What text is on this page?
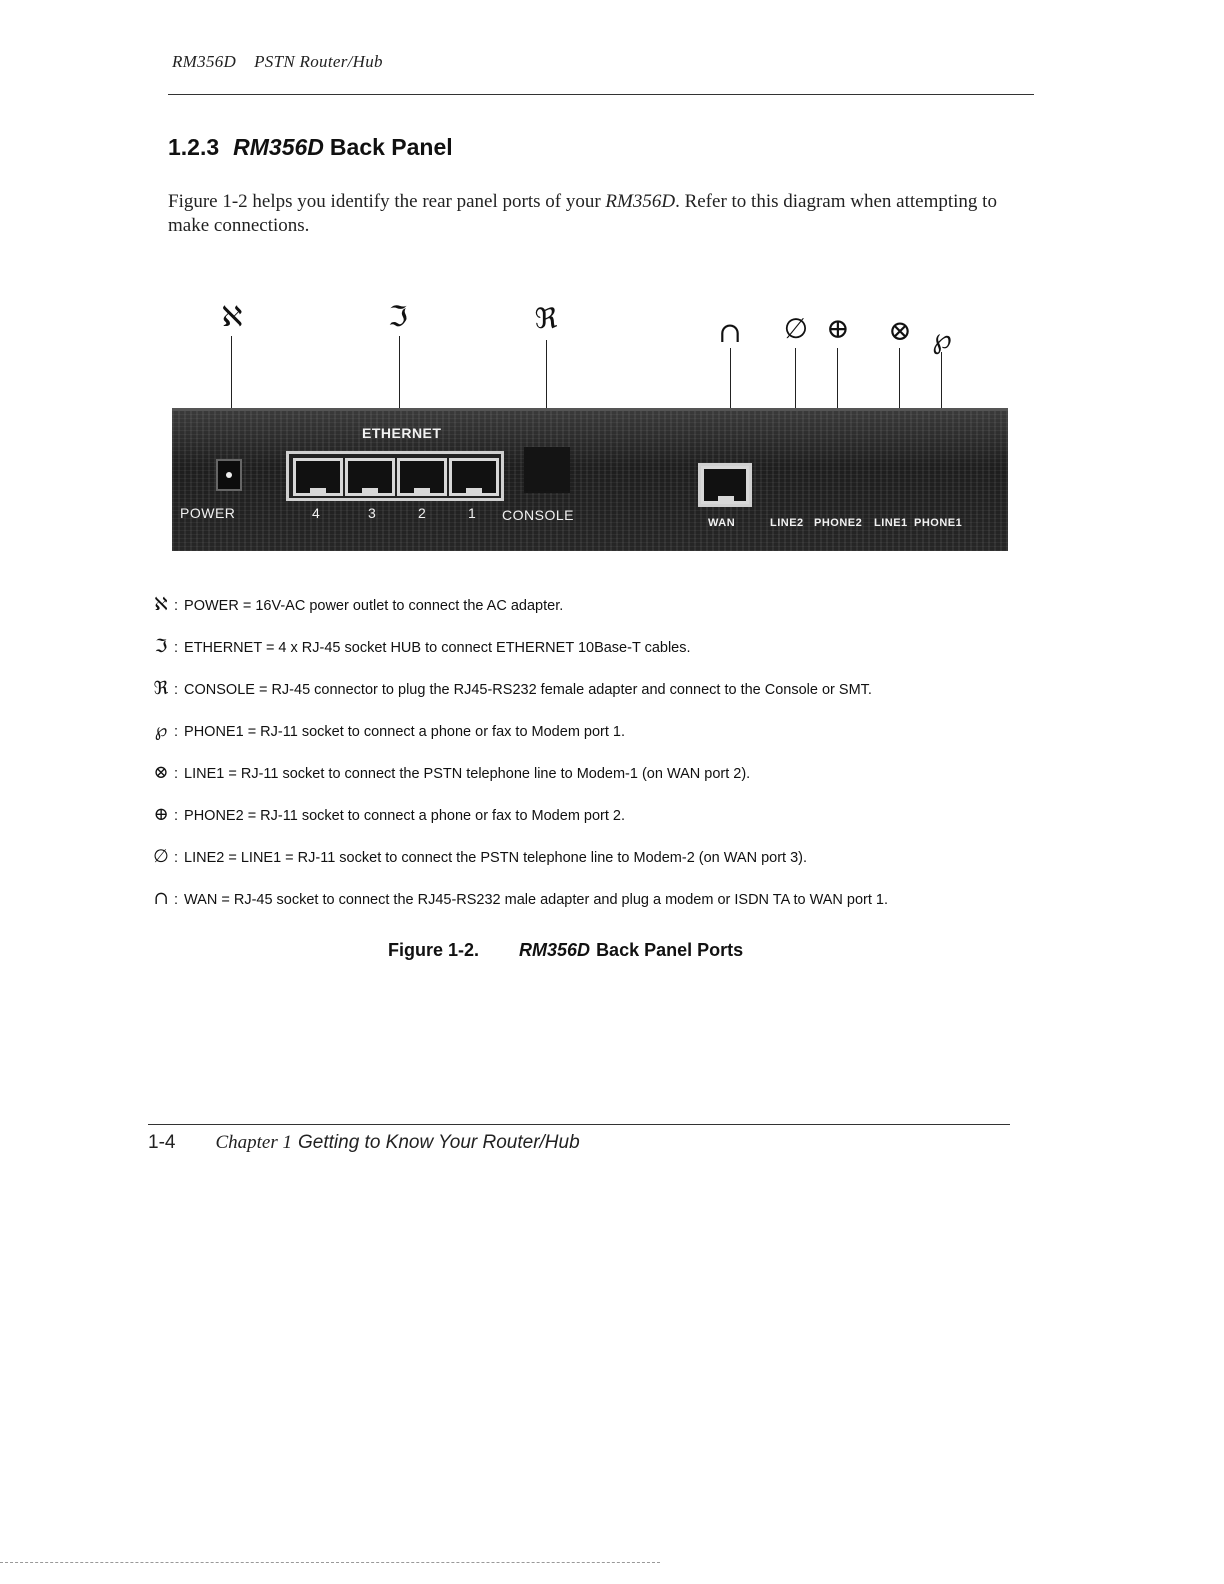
RM356D PSTN Router/Hub
1.2.3 RM356D Back Panel
Figure 1-2 helps you identify the rear panel ports of your RM356D. Refer to this diagram when attempting to make connections.
ℵ	ℑ	ℜ	∩ ∅ ⊕ ⊗ ℘
ETHERNET
POWER	4	3	2	1 CONSOLE	WAN	LINE2 PHONE2 LINE1 PHONE1
ℵ : POWER = 16V-AC power outlet to connect the AC adapter.
ℑ : ETHERNET = 4 x RJ-45 socket HUB to connect ETHERNET 10Base-T cables.
ℜ : CONSOLE = RJ-45 connector to plug the RJ45-RS232 female adapter and connect to the Console or SMT.
℘ : PHONE1 = RJ-11 socket to connect a phone or fax to Modem port 1.
⊗ : LINE1 = RJ-11 socket to connect the PSTN telephone line to Modem-1 (on WAN port 2).
⊕ : PHONE2 = RJ-11 socket to connect a phone or fax to Modem port 2.
∅ : LINE2 = LINE1 = RJ-11 socket to connect the PSTN telephone line to Modem-2 (on WAN port 3).
∩ : WAN = RJ-45 socket to connect the RJ45-RS232 male adapter and plug a modem or ISDN TA to WAN port 1.
Figure 1-2. RM356D Back Panel Ports
1-4 Chapter 1 Getting to Know Your Router/Hub
